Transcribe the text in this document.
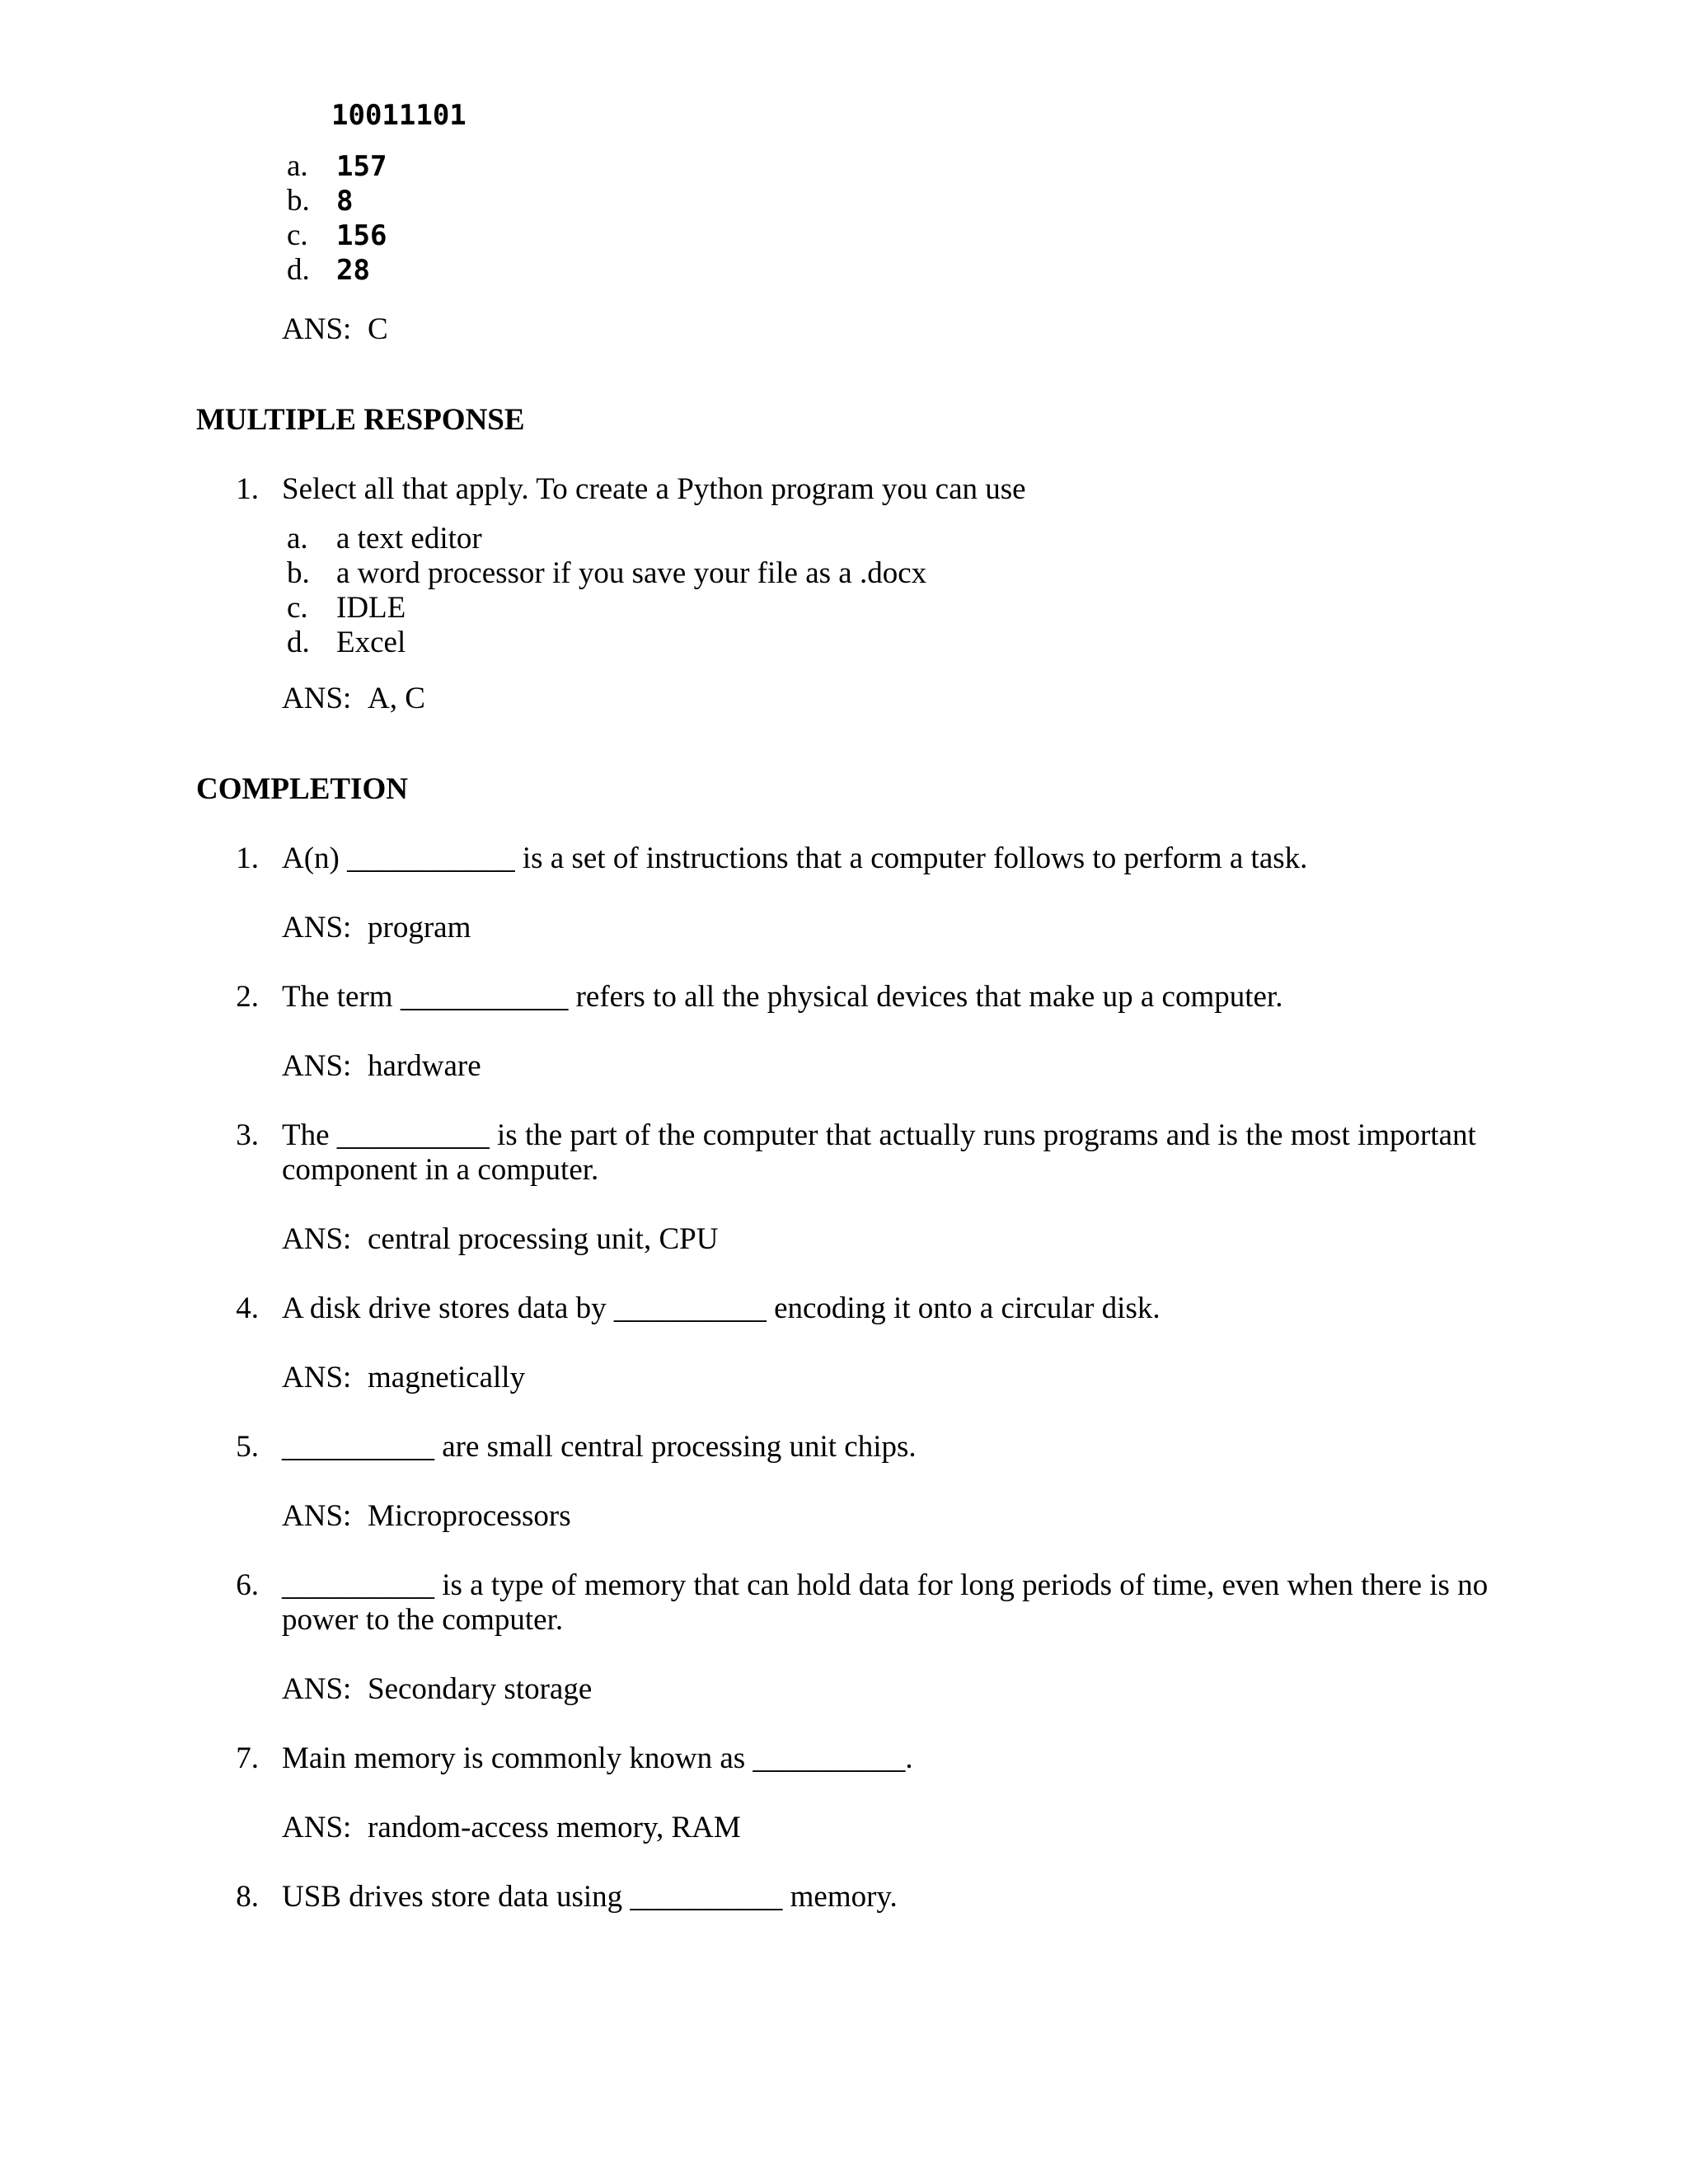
10011101
a.	157
b. 8
c.	156
d. 28
ANS: C
MULTIPLE RESPONSE
1. Select all that apply. To create a Python program you can use
a. a text editor
b. a word processor if you save your file as a .docx
c. IDLE
d. Excel
ANS: A, C
COMPLETION
1. A(n) ___________ is a set of instructions that a computer follows to perform a task.
ANS: program
2. The term ___________ refers to all the physical devices that make up a computer.
ANS: hardware
3. The __________ is the part of the computer that actually runs programs and is the most important
component in a computer.
ANS: central processing unit, CPU
4. A disk drive stores data by __________ encoding it onto a circular disk.
ANS: magnetically
5. __________ are small central processing unit chips.
ANS: Microprocessors
6. __________ is a type of memory that can hold data for long periods of time, even when there is no
power to the computer.
ANS: Secondary storage
7. Main memory is commonly known as __________.
ANS: random-access memory, RAM
8. USB drives store data using __________ memory.
